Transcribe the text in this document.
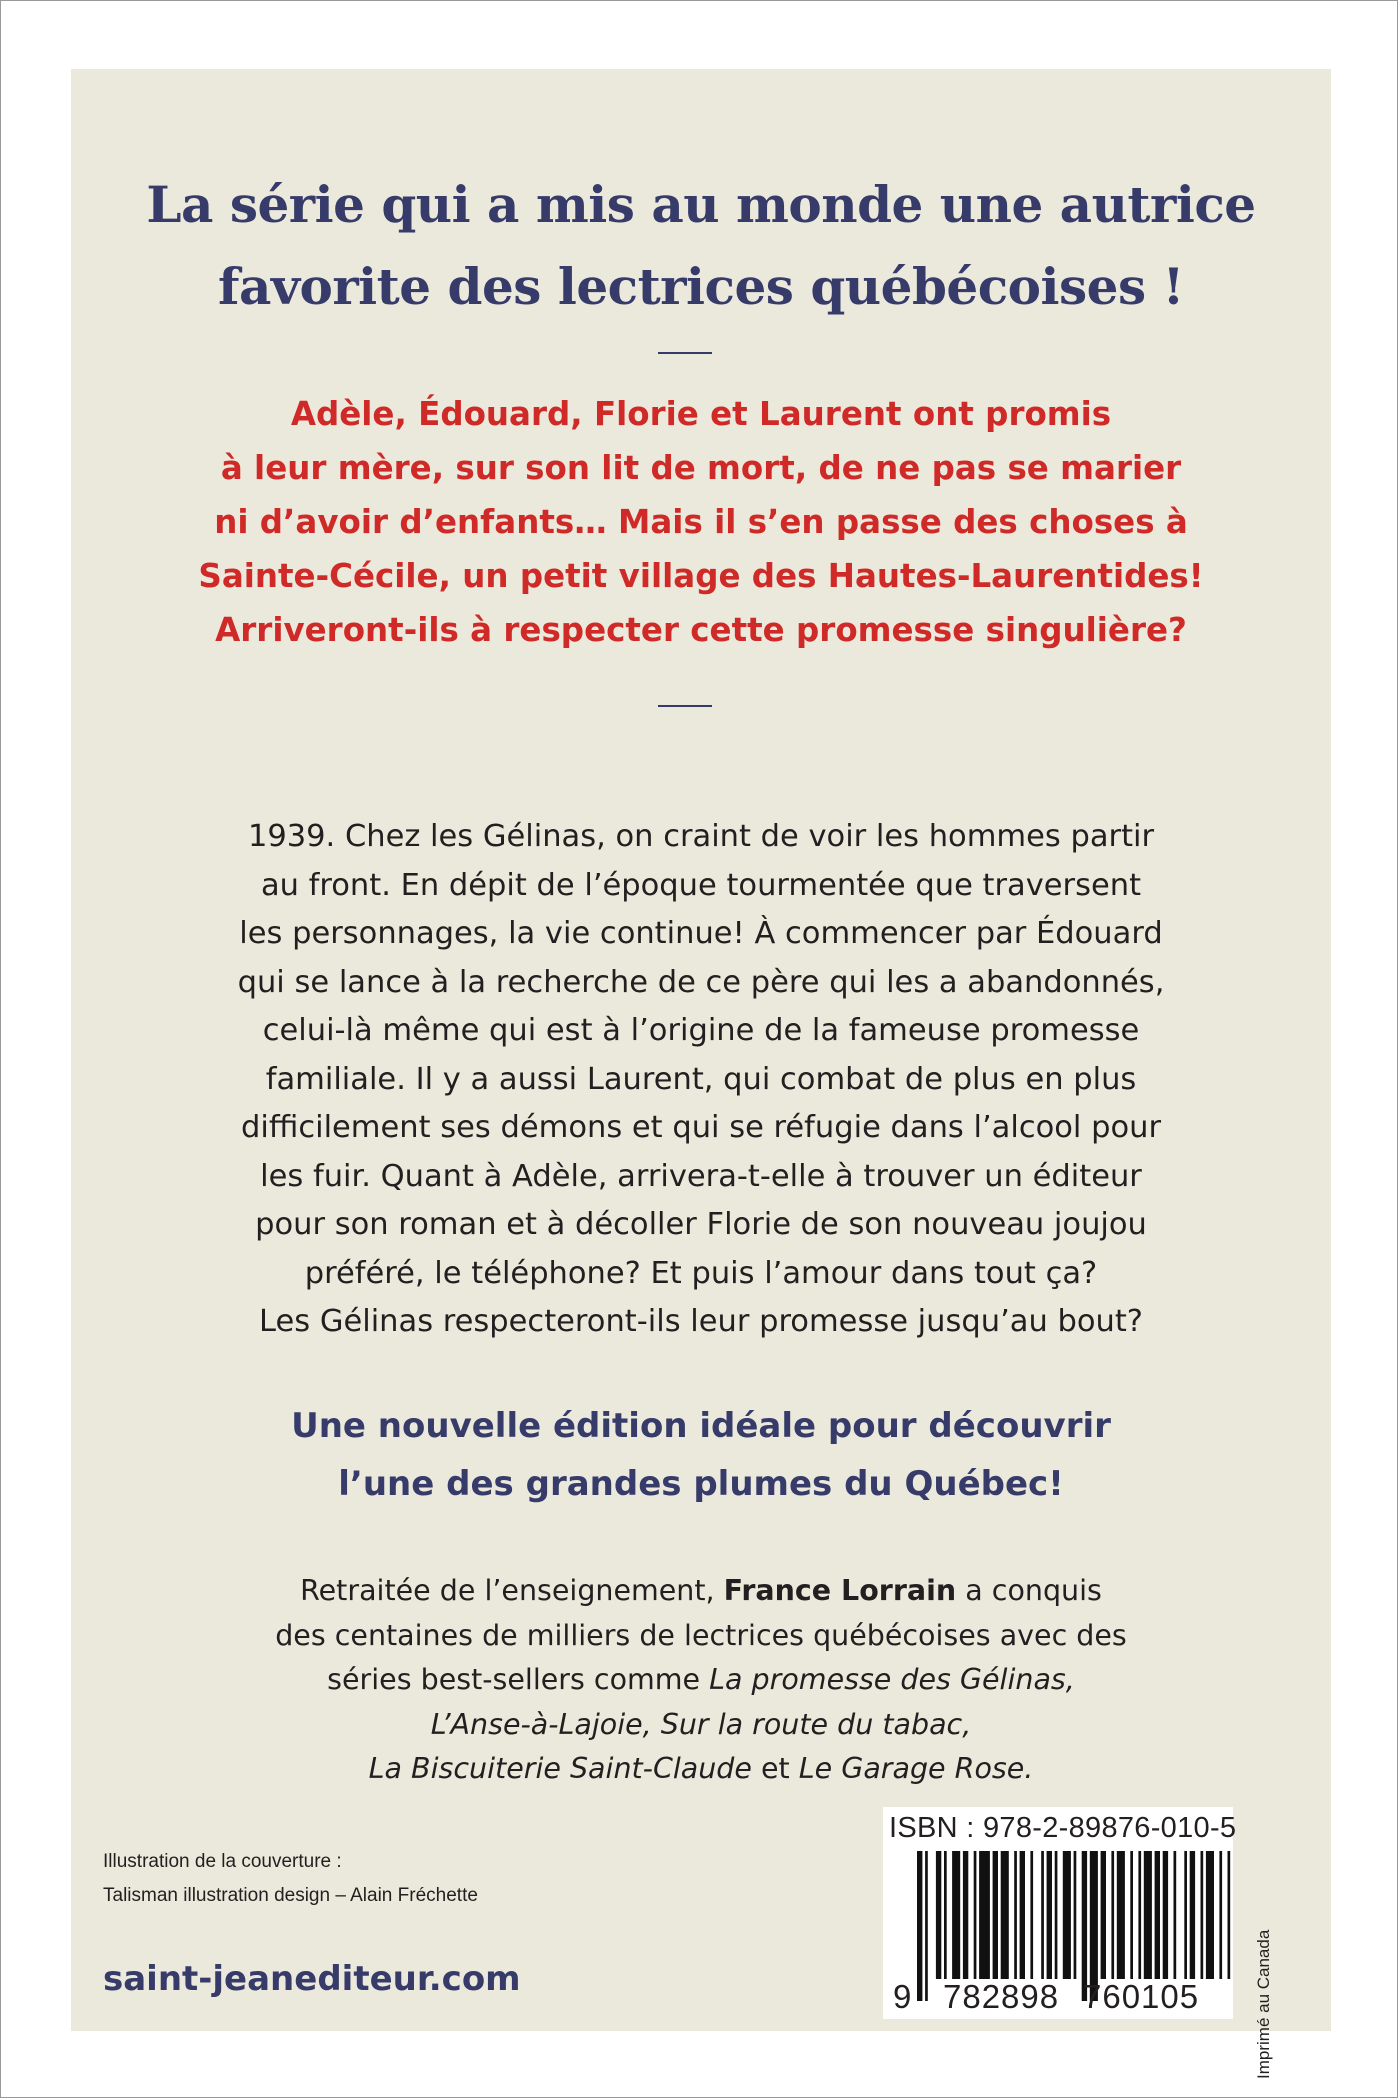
La série qui a mis au monde une autrice
favorite des lectrices québécoises !
Adèle, Édouard, Florie et Laurent ont promis
à leur mère, sur son lit de mort, de ne pas se marier
ni d’avoir d’enfants… Mais il s’en passe des choses à
Sainte-Cécile, un petit village des Hautes-Laurentides!
Arriveront-ils à respecter cette promesse singulière?
1939. Chez les Gélinas, on craint de voir les hommes partir
au front. En dépit de l’époque tourmentée que traversent
les personnages, la vie continue! À commencer par Édouard
qui se lance à la recherche de ce père qui les a abandonnés,
celui-là même qui est à l’origine de la fameuse promesse
familiale. Il y a aussi Laurent, qui combat de plus en plus
difficilement ses démons et qui se réfugie dans l’alcool pour
les fuir. Quant à Adèle, arrivera-t-elle à trouver un éditeur
pour son roman et à décoller Florie de son nouveau joujou
préféré, le téléphone? Et puis l’amour dans tout ça?
Les Gélinas respecteront-ils leur promesse jusqu’au bout?
Une nouvelle édition idéale pour découvrir
l’une des grandes plumes du Québec!
Retraitée de l’enseignement, France Lorrain a conquis
des centaines de milliers de lectrices québécoises avec des
séries best-sellers comme La promesse des Gélinas,
L’Anse-à-Lajoie, Sur la route du tabac,
La Biscuiterie Saint-Claude et Le Garage Rose.
Illustration de la couverture :
Talisman illustration design – Alain Fréchette
saint-jeanediteur.com
ISBN : 978-2-89876-010-5
9 782898 760105	Imprimé au Canada
